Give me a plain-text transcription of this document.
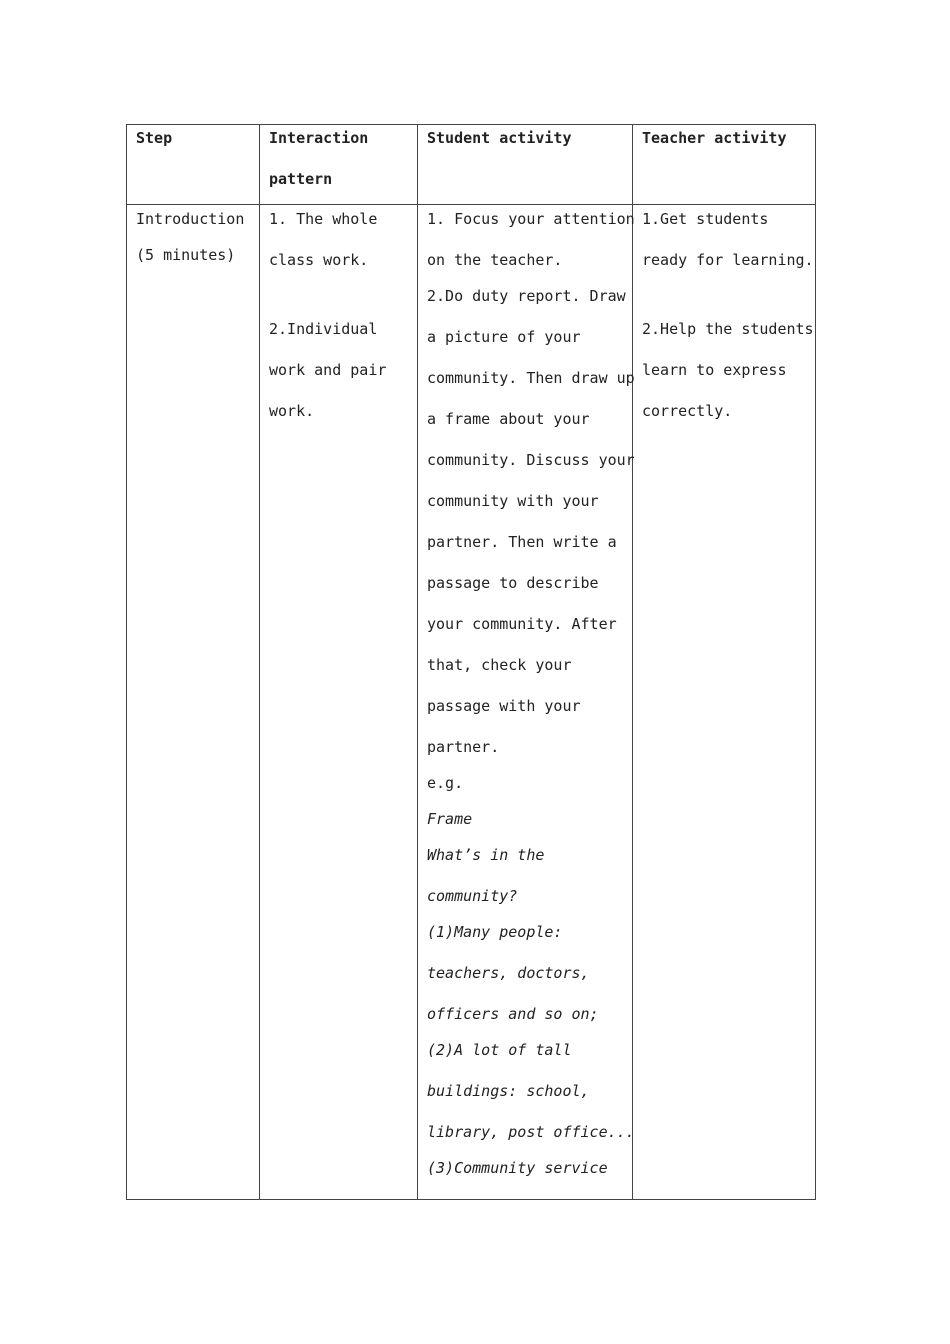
Step	Interaction
pattern
Student activity	Teacher activity
Introduction
(5 minutes)
1. The whole
class work.
2.Individual
work and pair
work.
1. Focus your attention
on the teacher.
2.Do duty report. Draw
a picture of your
community. Then draw up
a frame about your
community. Discuss your
community with your
partner. Then write a
passage to describe
your community. After
that, check your
passage with your
partner.
e.g.
Frame
What’s in the
community?
(1)Many people:
teachers, doctors,
officers and so on;
(2)A lot of tall
buildings: school,
library, post office...
(3)Community service
1.Get students
ready for learning.
2.Help the students
learn to express
correctly.
